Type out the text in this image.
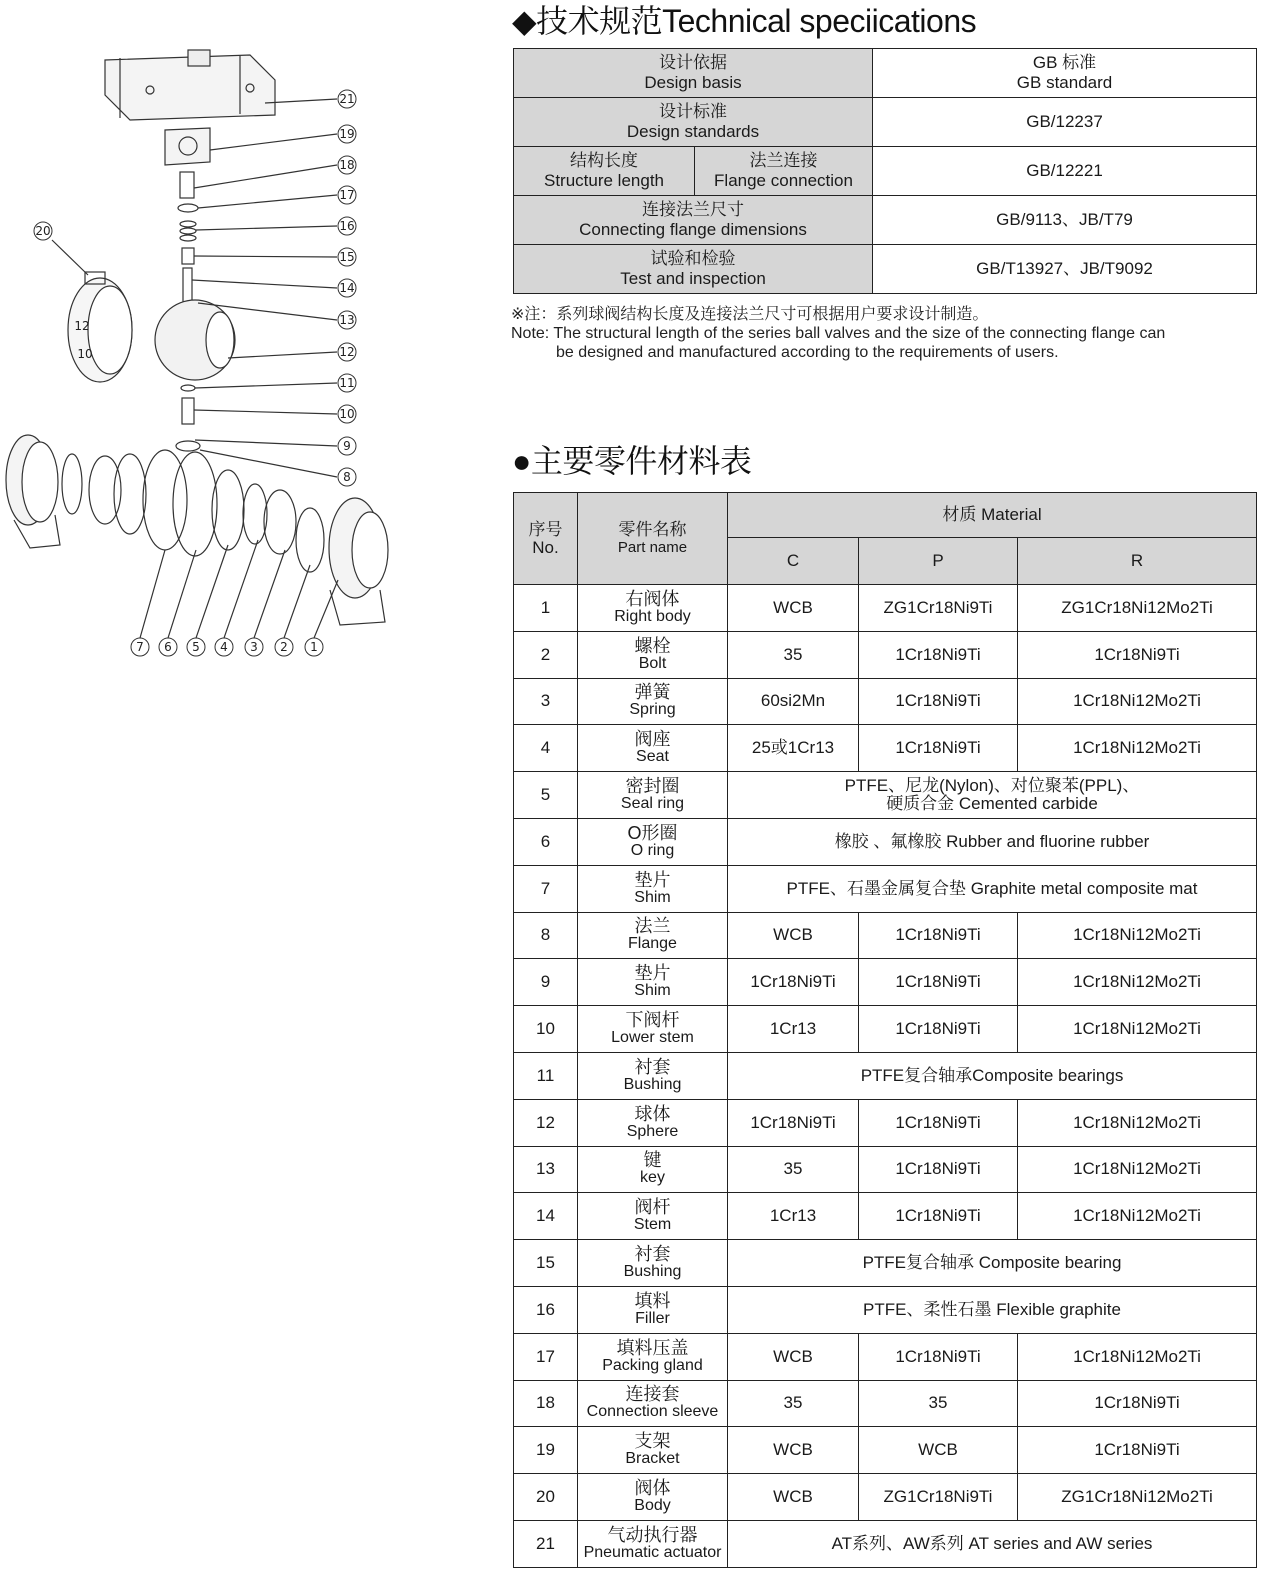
21
19
18
17
16
15
14
13
12
11
10
9
8
20
7 6 5 4 3 2 1
12
10
◆技术规范Technical speciications
设计依据
Design basis		GB 标准
GB standard

设计标准
Design standards		GB/12237

结构长度
Structure length	法兰连接
Flange connection	GB/12221

连接法兰尺寸
Connecting flange dimensions		GB/9113、JB/T79

试验和检验
Test and inspection		GB/T13927、JB/T9092
※注：系列球阀结构长度及连接法兰尺寸可根据用户要求设计制造。
Note: The structural length of the series ball valves and the size of the connecting flange can
be designed and manufactured according to the requirements of users.
●主要零件材料表
序号
No.	零件名称
Part name	材质 Material		
		C	P	R
1	右阀体
Right body	WCB	ZG1Cr18Ni9Ti	ZG1Cr18Ni12Mo2Ti
2	螺栓
Bolt	35	1Cr18Ni9Ti	1Cr18Ni9Ti
3	弹簧
Spring	60si2Mn	1Cr18Ni9Ti	1Cr18Ni12Mo2Ti
4	阀座
Seat	25或1Cr13	1Cr18Ni9Ti	1Cr18Ni12Mo2Ti
5	密封圈
Seal ring	PTFE、尼龙(Nylon)、对位聚苯(PPL)、
硬质合金 Cemented carbide		

6	O形圈
O ring	橡胶 、氟橡胶 Rubber and fluorine rubber		
7	垫片
Shim	PTFE、石墨金属复合垫 Graphite metal composite mat		
8	法兰
Flange	WCB	1Cr18Ni9Ti	1Cr18Ni12Mo2Ti
9	垫片
Shim	1Cr18Ni9Ti	1Cr18Ni9Ti	1Cr18Ni12Mo2Ti
10	下阀杆
Lower stem	1Cr13	1Cr18Ni9Ti	1Cr18Ni12Mo2Ti
11	衬套
Bushing	PTFE复合轴承Composite bearings		
12	球体
Sphere	1Cr18Ni9Ti	1Cr18Ni9Ti	1Cr18Ni12Mo2Ti
13	键
key	35	1Cr18Ni9Ti	1Cr18Ni12Mo2Ti
14	阀杆
Stem	1Cr13	1Cr18Ni9Ti	1Cr18Ni12Mo2Ti
15	衬套
Bushing	PTFE复合轴承 Composite bearing		
16	填料
Filler	PTFE、柔性石墨 Flexible graphite		
17	填料压盖
Packing gland	WCB	1Cr18Ni9Ti	1Cr18Ni12Mo2Ti
18	连接套
Connection sleeve	35	35	1Cr18Ni9Ti
19	支架
Bracket	WCB	WCB	1Cr18Ni9Ti
20	阀体
Body	WCB	ZG1Cr18Ni9Ti	ZG1Cr18Ni12Mo2Ti
21	气动执行器
Pneumatic actuator	AT系列、AW系列 AT series and AW series		
